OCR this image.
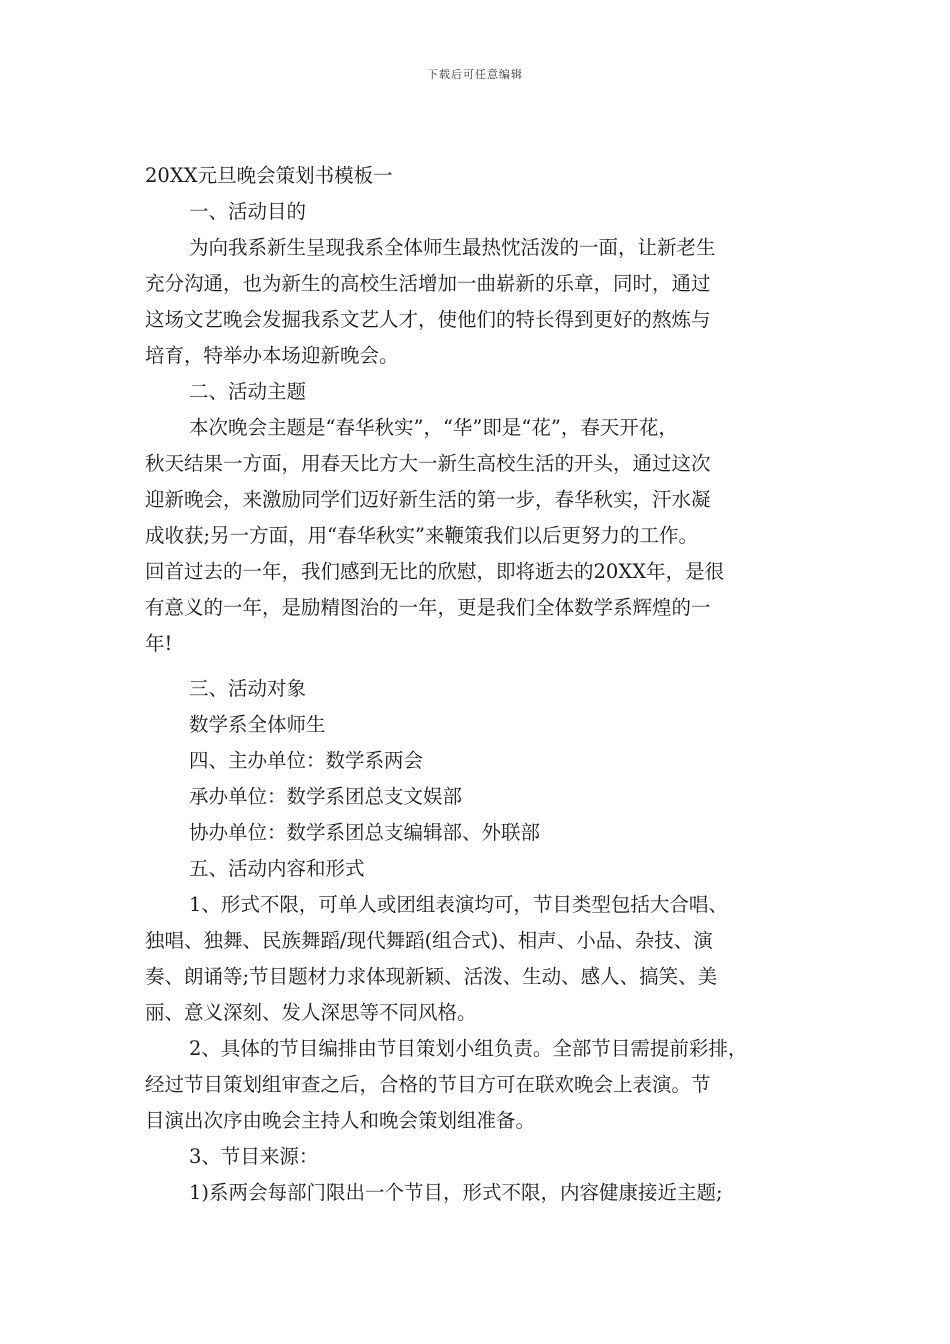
下载后可任意编辑
20XX元旦晚会策划书模板一
一、活动目的
为向我系新生呈现我系全体师生最热忱活泼的一面，让新老生
充分沟通，也为新生的高校生活增加一曲崭新的乐章，同时，通过
这场文艺晚会发掘我系文艺人才，使他们的特长得到更好的熬炼与
培育，特举办本场迎新晚会。
二、活动主题
本次晚会主题是“春华秋实”，“华”即是“花”，春天开花，
秋天结果一方面，用春天比方大一新生高校生活的开头，通过这次
迎新晚会，来激励同学们迈好新生活的第一步，春华秋实，汗水凝
成收获;另一方面，用“春华秋实”来鞭策我们以后更努力的工作。
回首过去的一年，我们感到无比的欣慰，即将逝去的20XX年，是很
有意义的一年，是励精图治的一年，更是我们全体数学系辉煌的一
年!
三、活动对象
数学系全体师生
四、主办单位：数学系两会
承办单位：数学系团总支文娱部
协办单位：数学系团总支编辑部、外联部
五、活动内容和形式
1、形式不限，可单人或团组表演均可，节目类型包括大合唱、
独唱、独舞、民族舞蹈/现代舞蹈(组合式)、相声、小品、杂技、演
奏、朗诵等;节目题材力求体现新颖、活泼、生动、感人、搞笑、美
丽、意义深刻、发人深思等不同风格。
2、具体的节目编排由节目策划小组负责。全部节目需提前彩排，
经过节目策划组审查之后，合格的节目方可在联欢晚会上表演。节
目演出次序由晚会主持人和晚会策划组准备。
3、节目来源：
1)系两会每部门限出一个节目，形式不限，内容健康接近主题;
